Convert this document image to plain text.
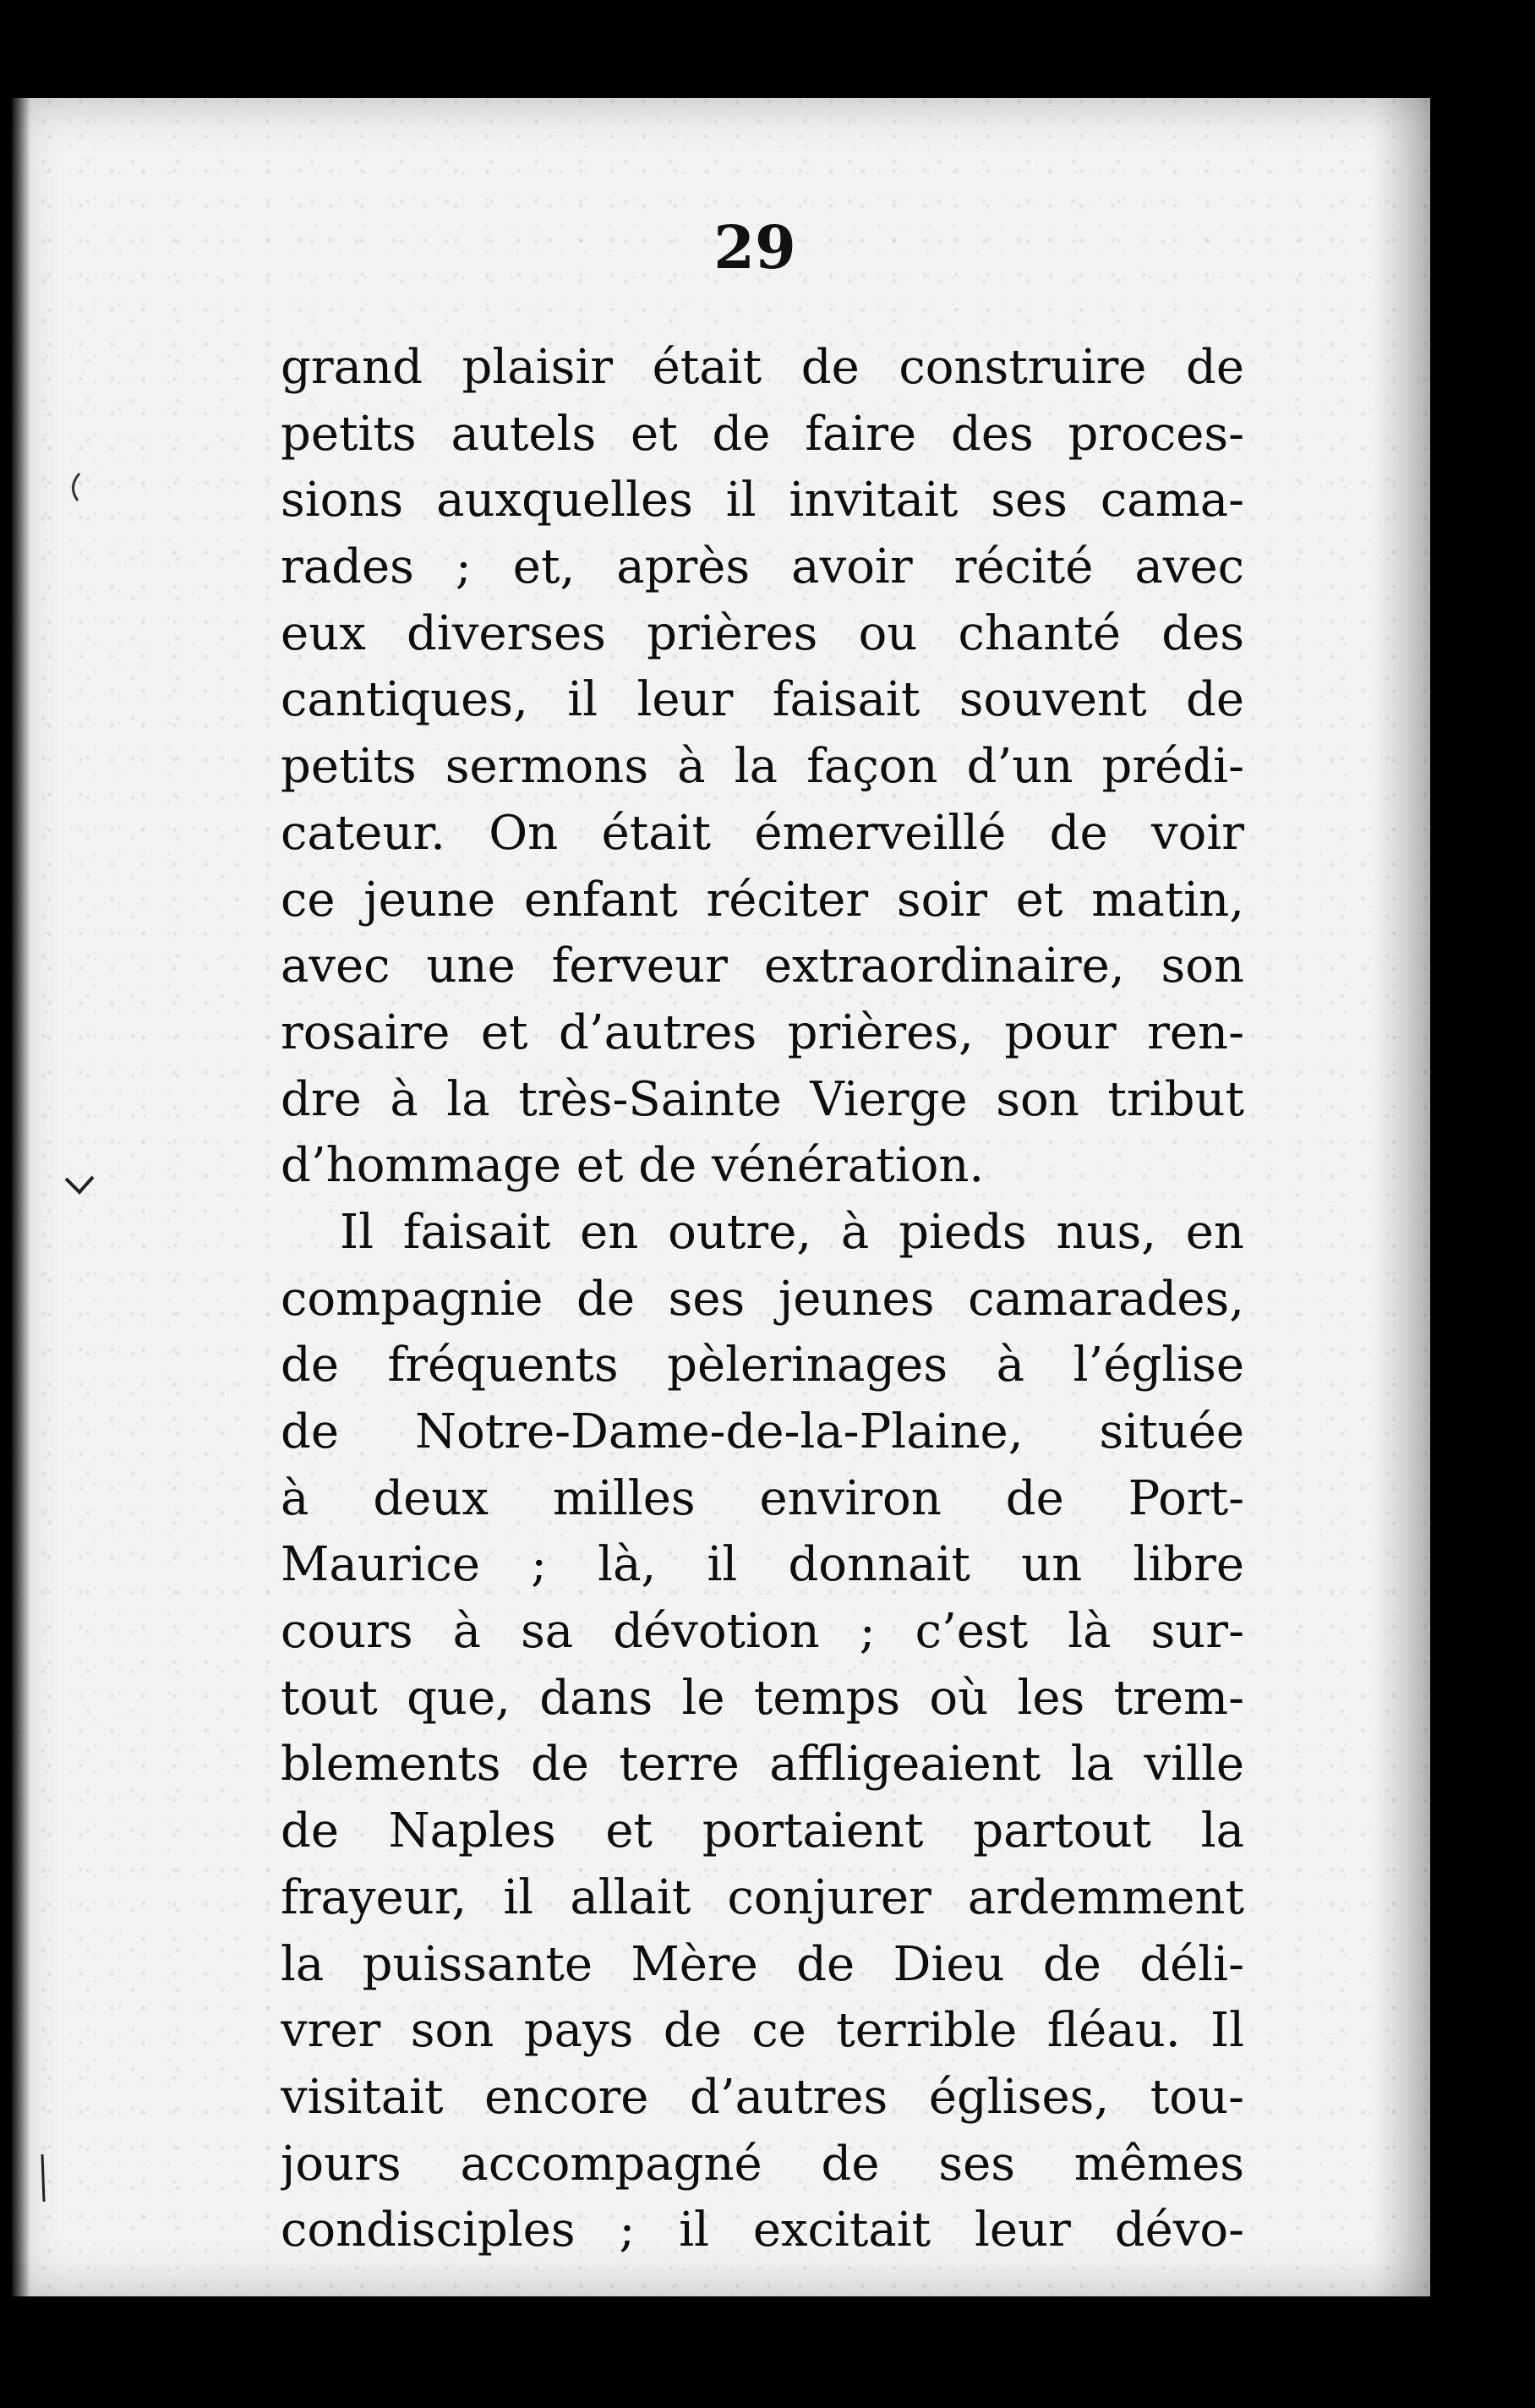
29
grand plaisir était de construire de
petits autels et de faire des proces-
sions auxquelles il invitait ses cama-
rades ; et, après avoir récité avec
eux diverses prières ou chanté des
cantiques, il leur faisait souvent de
petits sermons à la façon d’un prédi-
cateur. On était émerveillé de voir
ce jeune enfant réciter soir et matin,
avec une ferveur extraordinaire, son
rosaire et d’autres prières, pour ren-
dre à la très-Sainte Vierge son tribut
d’hommage et de vénération.
Il faisait en outre, à pieds nus, en
compagnie de ses jeunes camarades,
de fréquents pèlerinages à l’église
de Notre-Dame-de-la-Plaine, située
à deux milles environ de Port-
Maurice ; là, il donnait un libre
cours à sa dévotion ; c’est là sur-
tout que, dans le temps où les trem-
blements de terre affligeaient la ville
de Naples et portaient partout la
frayeur, il allait conjurer ardemment
la puissante Mère de Dieu de déli-
vrer son pays de ce terrible fléau. Il
visitait encore d’autres églises, tou-
jours accompagné de ses mêmes
condisciples ; il excitait leur dévo-
